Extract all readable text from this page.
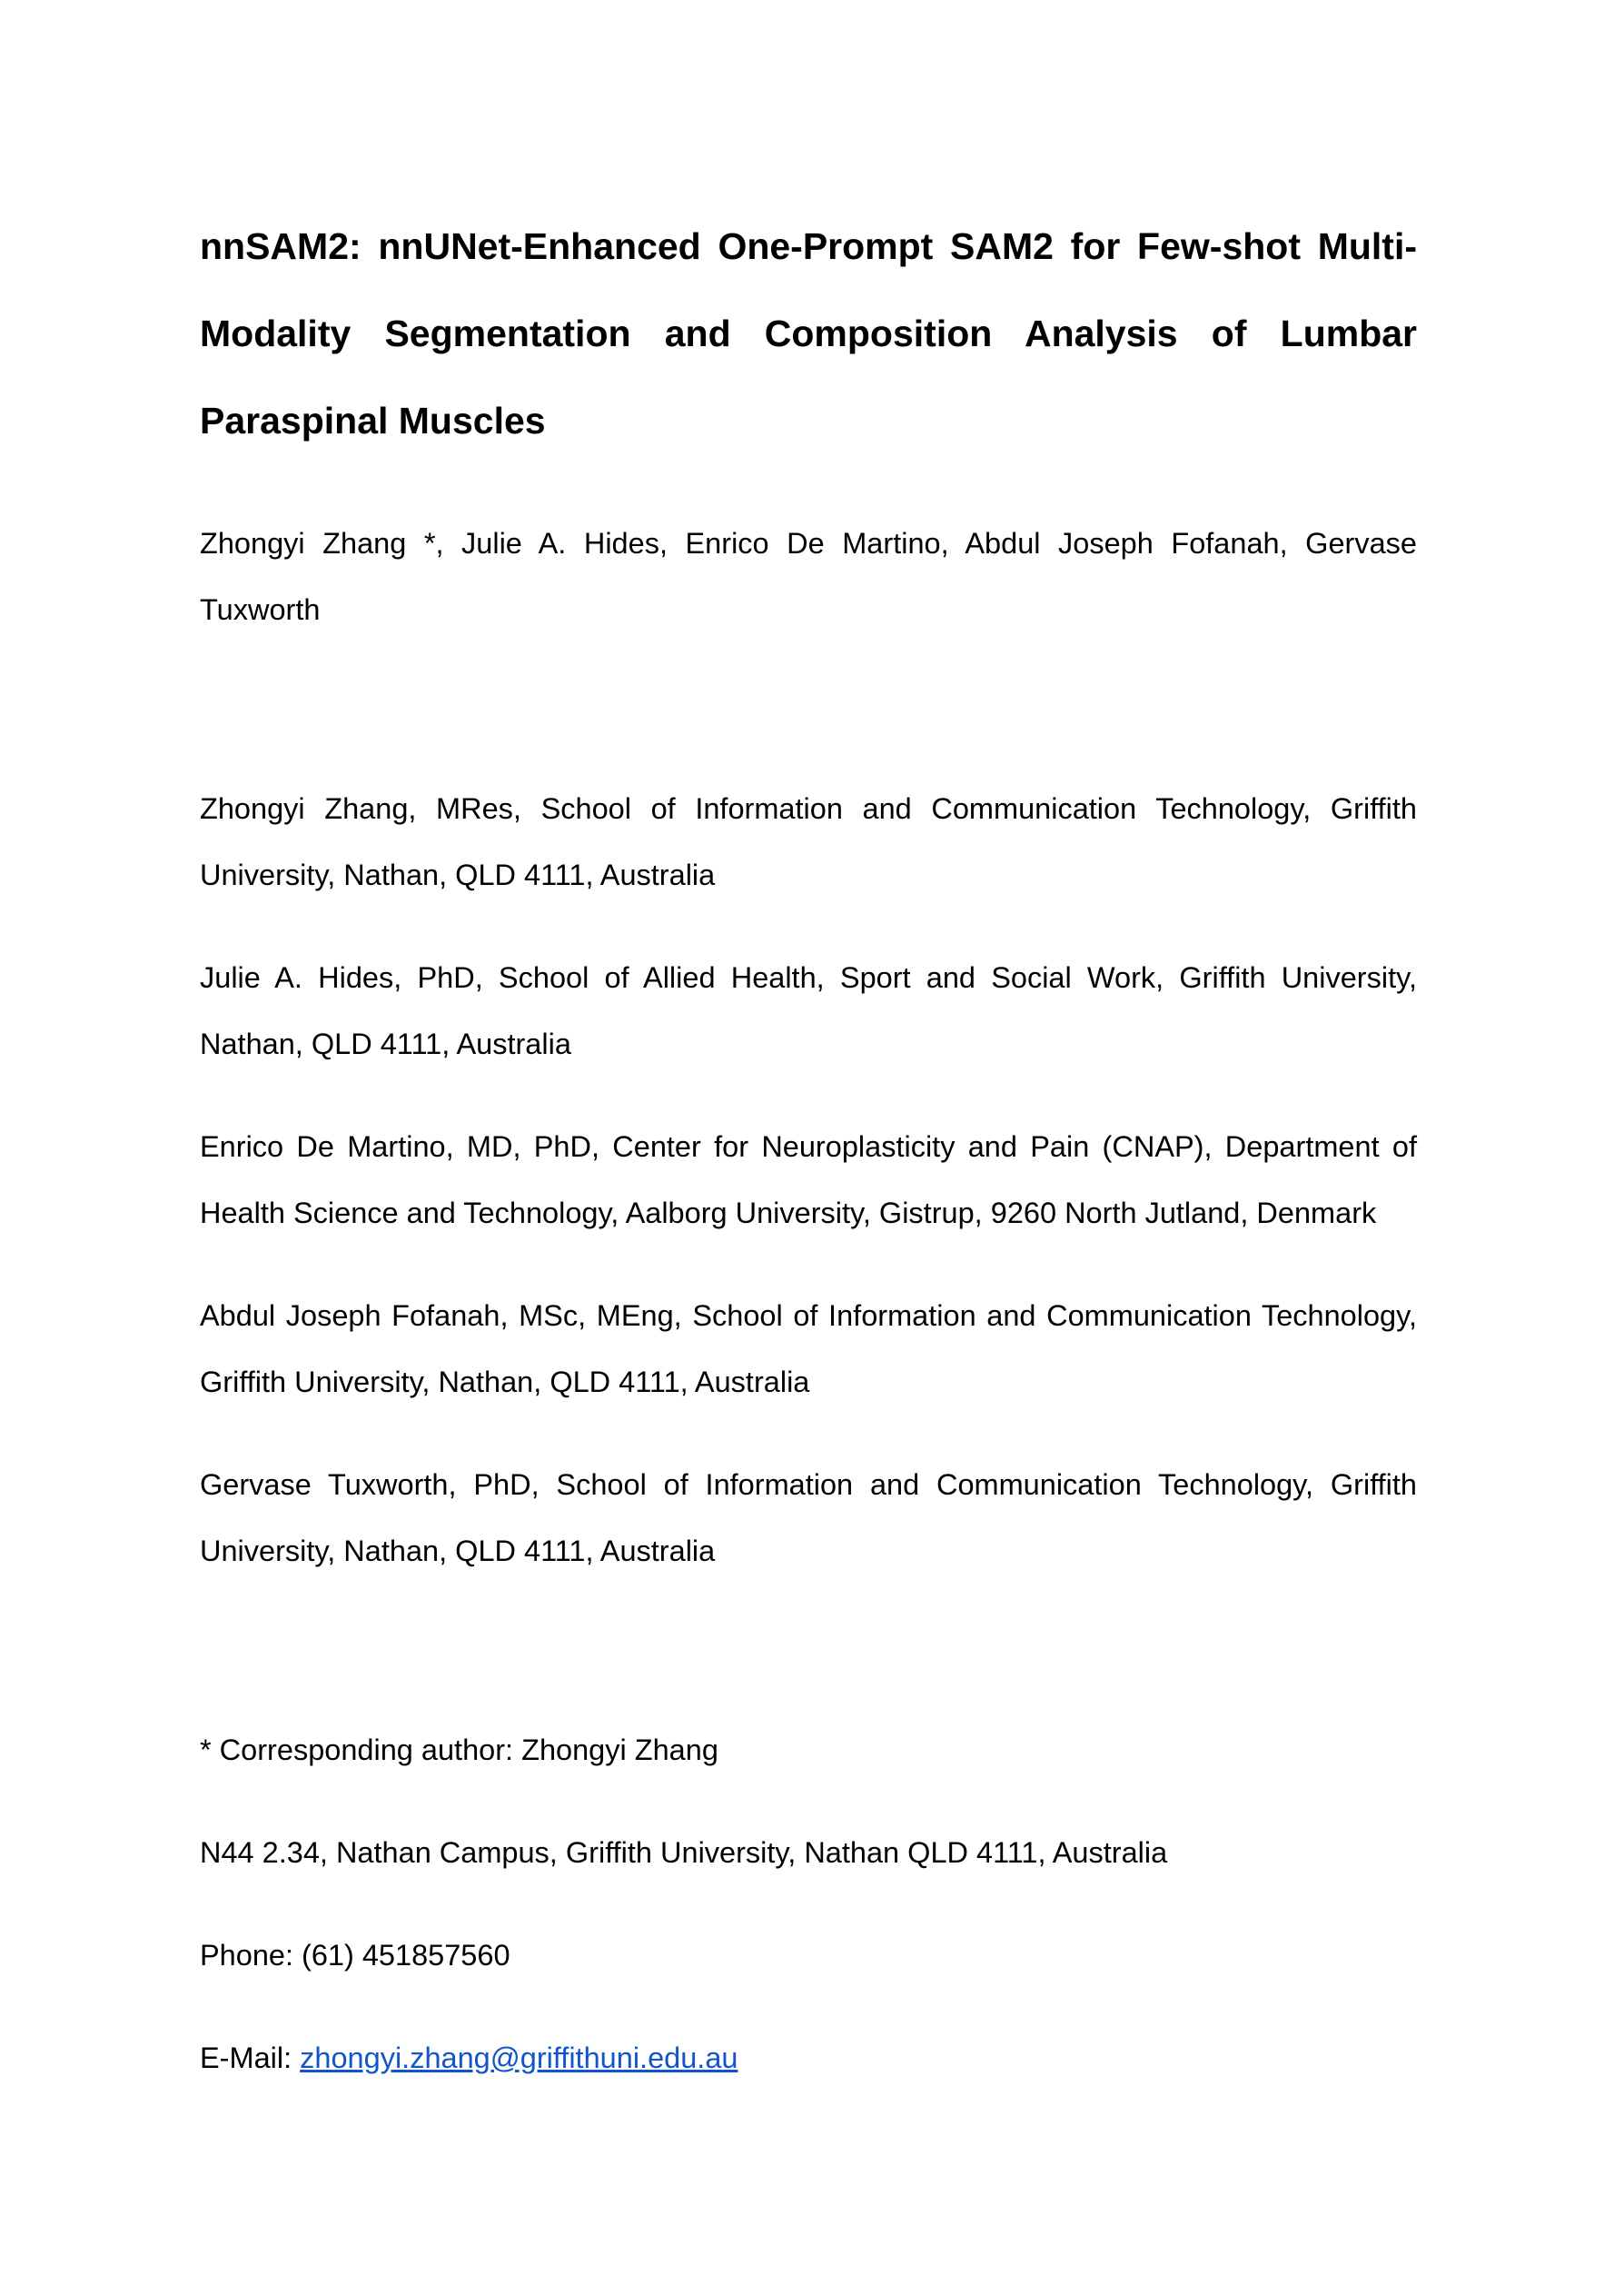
nnSAM2: nnUNet-Enhanced One-Prompt SAM2 for Few-shot Multi-Modality Segmentation and Composition Analysis of Lumbar Paraspinal Muscles

Zhongyi Zhang *, Julie A. Hides, Enrico De Martino, Abdul Joseph Fofanah, Gervase Tuxworth

Zhongyi Zhang, MRes, School of Information and Communication Technology, Griffith University, Nathan, QLD 4111, Australia

Julie A. Hides, PhD, School of Allied Health, Sport and Social Work, Griffith University, Nathan, QLD 4111, Australia

Enrico De Martino, MD, PhD, Center for Neuroplasticity and Pain (CNAP), Department of Health Science and Technology, Aalborg University, Gistrup, 9260 North Jutland, Denmark

Abdul Joseph Fofanah, MSc, MEng, School of Information and Communication Technology, Griffith University, Nathan, QLD 4111, Australia

Gervase Tuxworth, PhD, School of Information and Communication Technology, Griffith University, Nathan, QLD 4111, Australia

* Corresponding author: Zhongyi Zhang

N44 2.34, Nathan Campus, Griffith University, Nathan QLD 4111, Australia

Phone: (61) 451857560

E-Mail: zhongyi.zhang@griffithuni.edu.au
